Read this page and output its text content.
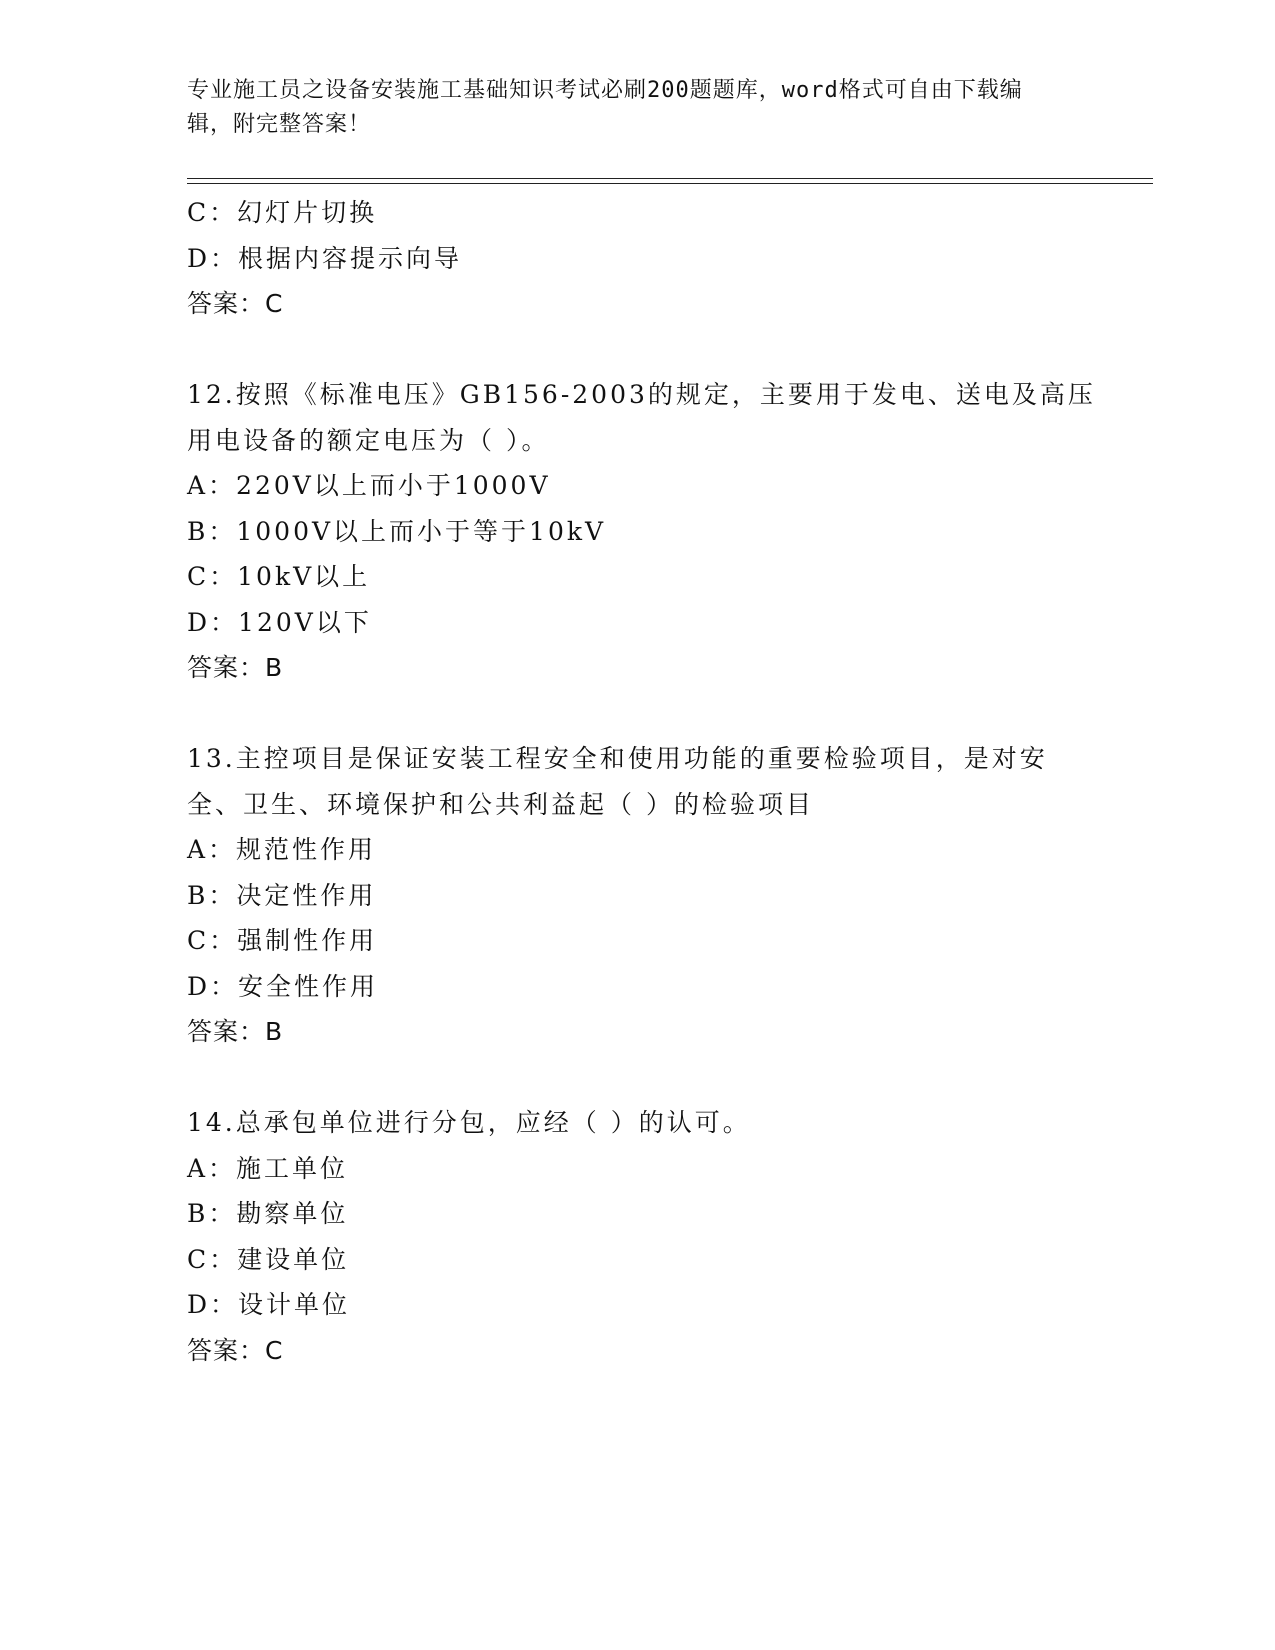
专业施工员之设备安装施工基础知识考试必刷200题题库，word格式可自由下载编辑，附完整答案！
C：幻灯片切换
D：根据内容提示向导
答案：C
12.按照《标准电压》GB156-2003的规定，主要用于发电、送电及高压
用电设备的额定电压为（ ）。
A：220V以上而小于1000V
B：1000V以上而小于等于10kV
C：10kV以上
D：120V以下
答案：B
13.主控项目是保证安装工程安全和使用功能的重要检验项目，是对安
全、卫生、环境保护和公共利益起（ ）的检验项目
A：规范性作用
B：决定性作用
C：强制性作用
D：安全性作用
答案：B
14.总承包单位进行分包，应经（ ）的认可。
A：施工单位
B：勘察单位
C：建设单位
D：设计单位
答案：C
